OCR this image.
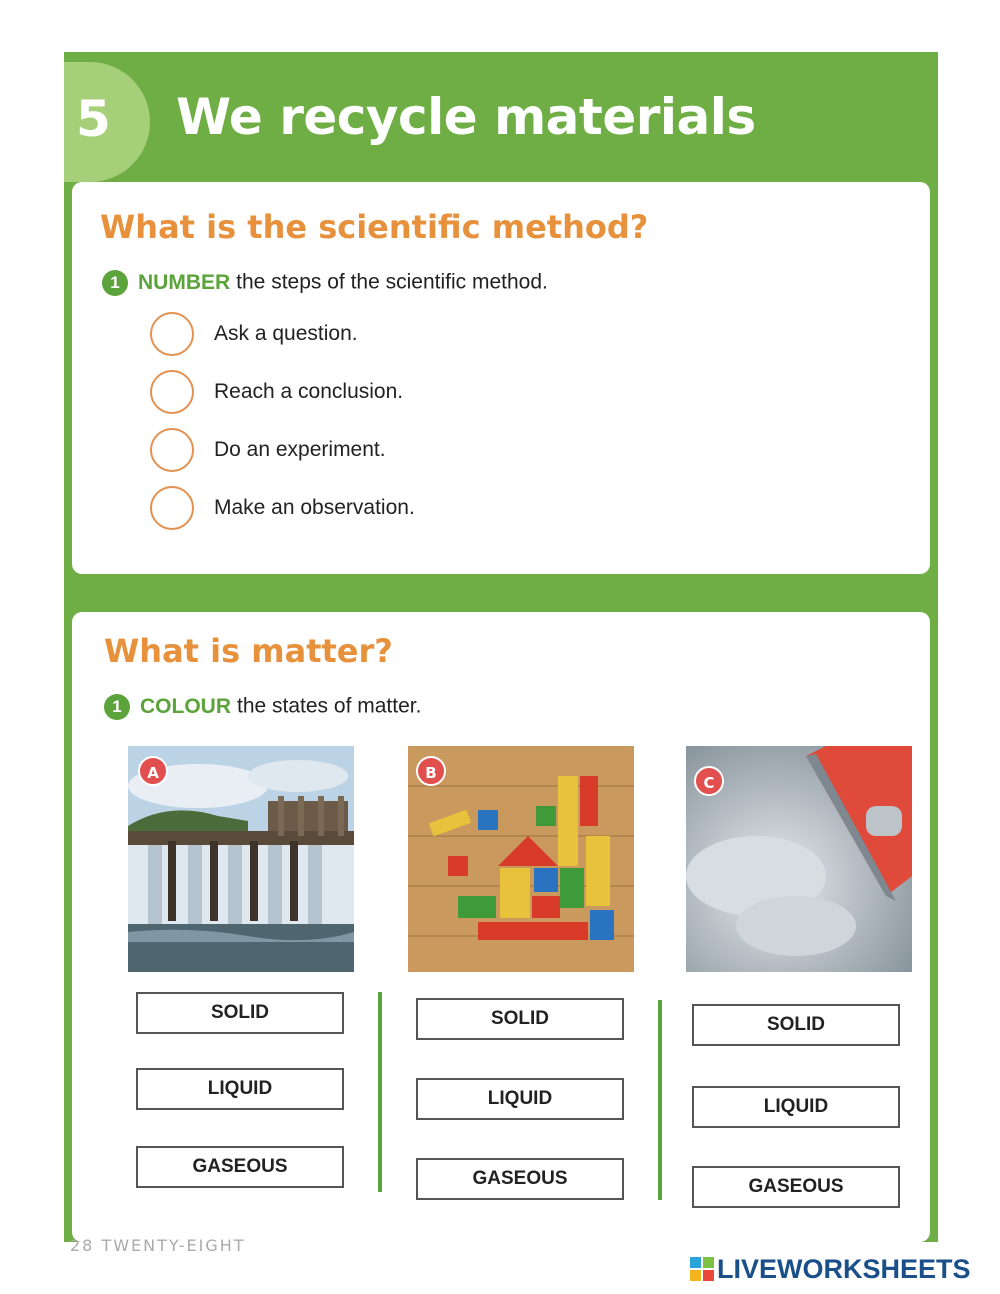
5 We recycle materials
What is the scientific method?
1 NUMBER the steps of the scientific method.
Ask a question.
Reach a conclusion.
Do an experiment.
Make an observation.
What is matter?
1 COLOUR the states of matter.
A	B
C
SOLID
LIQUID
GASEOUS
SOLID
LIQUID
GASEOUS
SOLID
LIQUID
GASEOUS
28 TWENTY-EIGHT
LIVEWORKSHEETS
